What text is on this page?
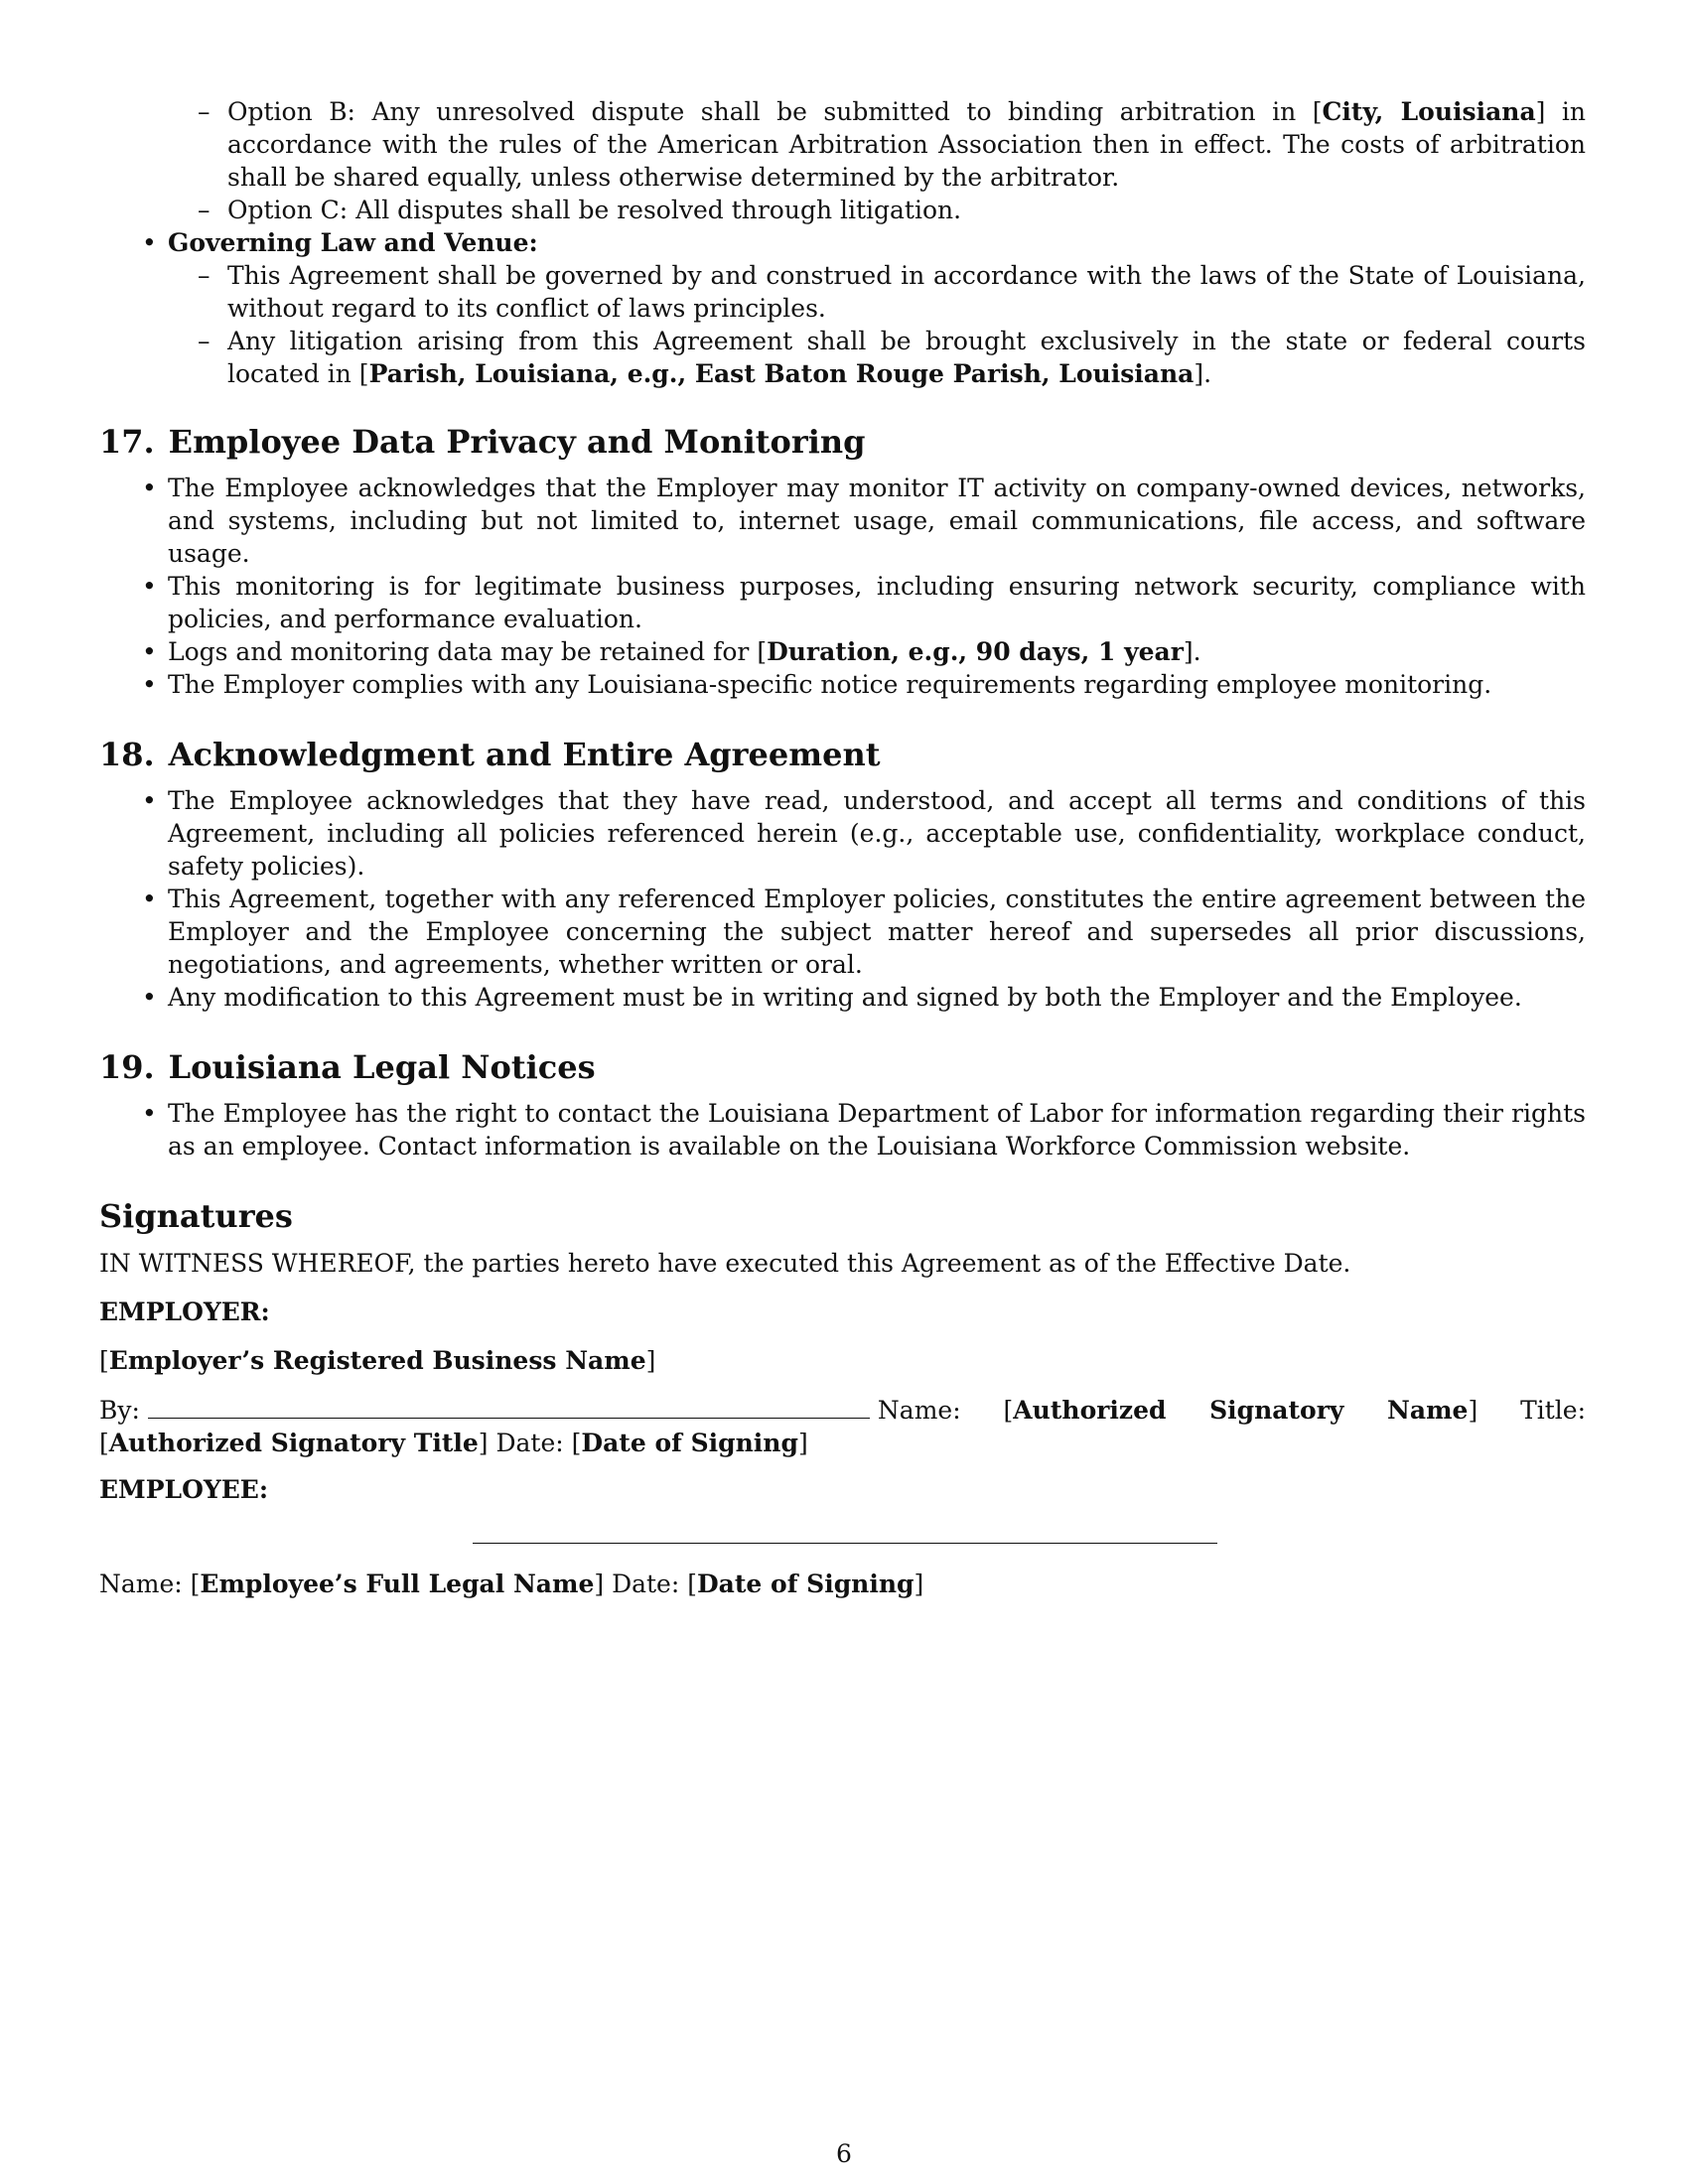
– Option B: Any unresolved dispute shall be submitted to binding arbitration in [City, Louisiana] in accordance with the rules of the American Arbitration Association then in effect. The costs of arbitration shall be shared equally, unless otherwise determined by the arbitrator.
– Option C: All disputes shall be resolved through litigation.
• Governing Law and Venue:
– This Agreement shall be governed by and construed in accordance with the laws of the State of Louisiana, without regard to its conflict of laws principles.
– Any litigation arising from this Agreement shall be brought exclusively in the state or federal courts located in [Parish, Louisiana, e.g., East Baton Rouge Parish, Louisiana].
17. Employee Data Privacy and Monitoring
• The Employee acknowledges that the Employer may monitor IT activity on company-owned devices, networks, and systems, including but not limited to, internet usage, email communications, file access, and software usage.
• This monitoring is for legitimate business purposes, including ensuring network security, compliance with policies, and performance evaluation.
• Logs and monitoring data may be retained for [Duration, e.g., 90 days, 1 year].
• The Employer complies with any Louisiana-specific notice requirements regarding employee monitoring.
18. Acknowledgment and Entire Agreement
• The Employee acknowledges that they have read, understood, and accept all terms and conditions of this Agreement, including all policies referenced herein (e.g., acceptable use, confidentiality, workplace conduct, safety policies).
• This Agreement, together with any referenced Employer policies, constitutes the entire agreement between the Employer and the Employee concerning the subject matter hereof and supersedes all prior discussions, negotiations, and agreements, whether written or oral.
• Any modification to this Agreement must be in writing and signed by both the Employer and the Employee.
19. Louisiana Legal Notices
• The Employee has the right to contact the Louisiana Department of Labor for information regarding their rights as an employee. Contact information is available on the Louisiana Workforce Commission website.
Signatures

IN WITNESS WHEREOF, the parties hereto have executed this Agreement as of the Effective Date.

EMPLOYER:

[Employer’s Registered Business Name]

By:	Name: [Authorized Signatory Name] Title: [Authorized Signatory Title] Date: [Date of Signing]

EMPLOYEE:

Name: [Employee’s Full Legal Name] Date: [Date of Signing]

6
